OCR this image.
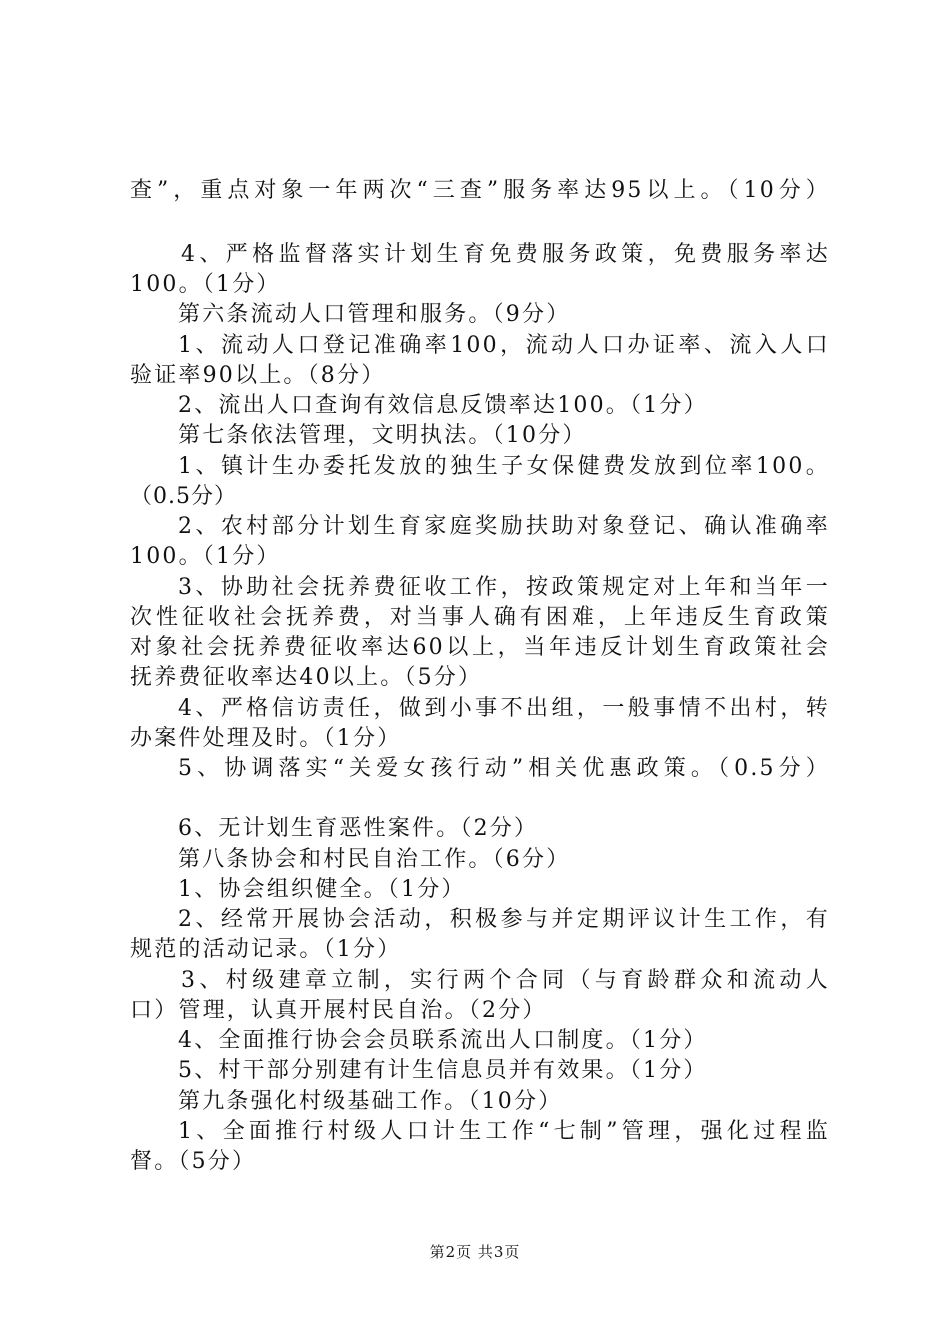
查”，重点对象一年两次“三查”服务率达95以上。（10分）
4、严格监督落实计划生育免费服务政策，免费服务率达
100。（1分）
第六条流动人口管理和服务。（9分）
1、流动人口登记准确率100，流动人口办证率、流入人口
验证率90以上。（8分）
2、流出人口查询有效信息反馈率达100。（1分）
第七条依法管理，文明执法。（10分）
1、镇计生办委托发放的独生子女保健费发放到位率100。
（0.5分）
2、农村部分计划生育家庭奖励扶助对象登记、确认准确率
100。（1分）
3、协助社会抚养费征收工作，按政策规定对上年和当年一
次性征收社会抚养费，对当事人确有困难，上年违反生育政策
对象社会抚养费征收率达60以上，当年违反计划生育政策社会
抚养费征收率达40以上。（5分）
4、严格信访责任，做到小事不出组，一般事情不出村，转
办案件处理及时。（1分）
5、协调落实“关爱女孩行动”相关优惠政策。（0.5分）
6、无计划生育恶性案件。（2分）
第八条协会和村民自治工作。（6分）
1、协会组织健全。（1分）
2、经常开展协会活动，积极参与并定期评议计生工作，有
规范的活动记录。（1分）
3、村级建章立制，实行两个合同（与育龄群众和流动人
口）管理，认真开展村民自治。（2分）
4、全面推行协会会员联系流出人口制度。（1分）
5、村干部分别建有计生信息员并有效果。（1分）
第九条强化村级基础工作。（10分）
1、全面推行村级人口计生工作“七制”管理，强化过程监
督。（5分）
第2页 共3页
